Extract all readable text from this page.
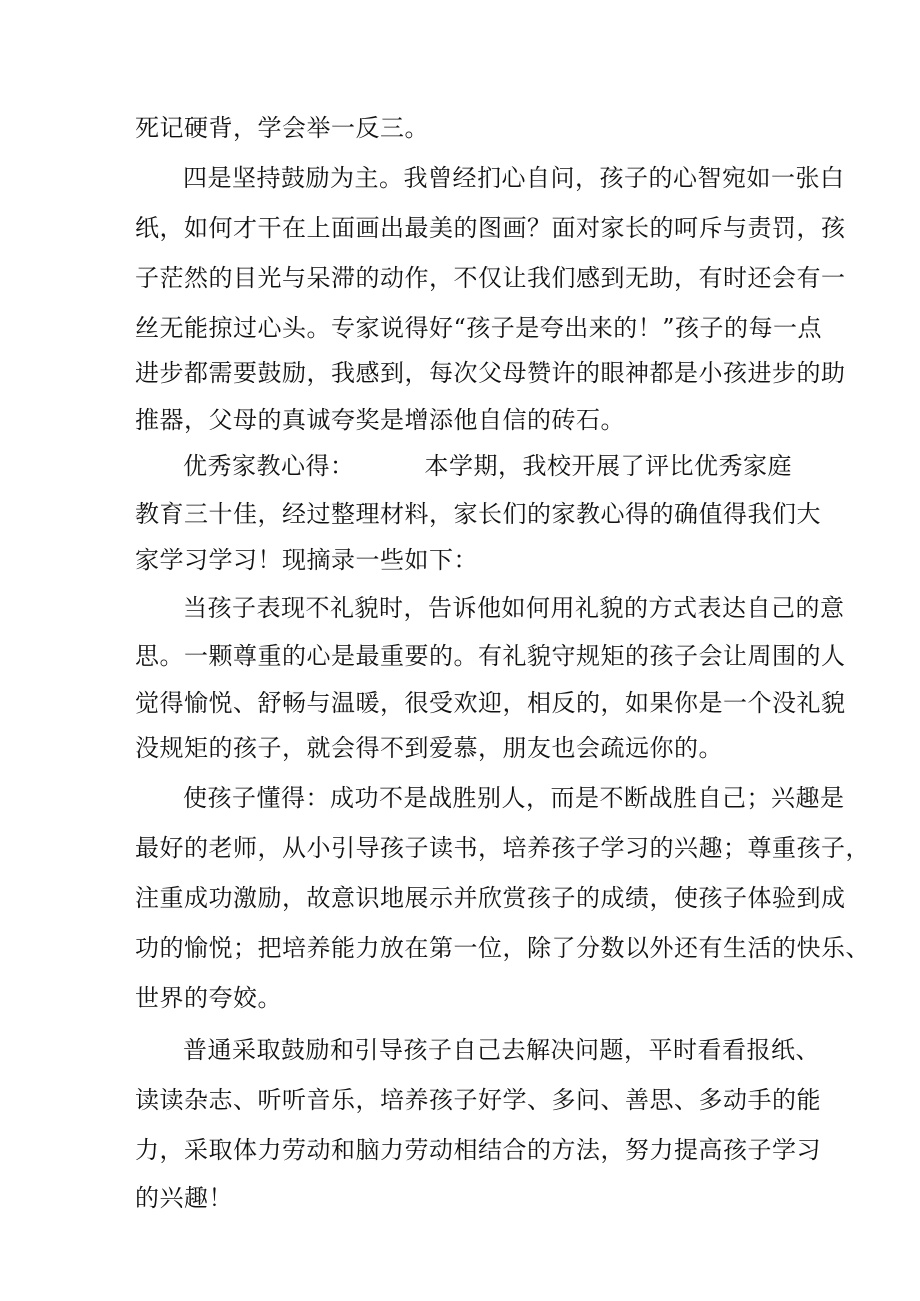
死记硬背，学会举一反三。
四是坚持鼓励为主。我曾经扪心自问，孩子的心智宛如一张白
纸，如何才干在上面画出最美的图画？面对家长的呵斥与责罚，孩
子茫然的目光与呆滞的动作，不仅让我们感到无助，有时还会有一
丝无能掠过心头。专家说得好“孩子是夸出来的！”孩子的每一点
进步都需要鼓励，我感到，每次父母赞许的眼神都是小孩进步的助
推器，父母的真诚夸奖是增添他自信的砖石。
优秀家教心得：	本学期，我校开展了评比优秀家庭
教育三十佳，经过整理材料，家长们的家教心得的确值得我们大
家学习学习！现摘录一些如下：
当孩子表现不礼貌时，告诉他如何用礼貌的方式表达自己的意
思。一颗尊重的心是最重要的。有礼貌守规矩的孩子会让周围的人
觉得愉悦、舒畅与温暖，很受欢迎，相反的，如果你是一个没礼貌
没规矩的孩子，就会得不到爱慕，朋友也会疏远你的。
使孩子懂得：成功不是战胜别人，而是不断战胜自己；兴趣是
最好的老师，从小引导孩子读书，培养孩子学习的兴趣；尊重孩子，
注重成功激励，故意识地展示并欣赏孩子的成绩，使孩子体验到成
功的愉悦；把培养能力放在第一位，除了分数以外还有生活的快乐、
世界的夸姣。
普通采取鼓励和引导孩子自己去解决问题，平时看看报纸、
读读杂志、听听音乐，培养孩子好学、多问、善思、多动手的能
力，采取体力劳动和脑力劳动相结合的方法，努力提高孩子学习
的兴趣！
